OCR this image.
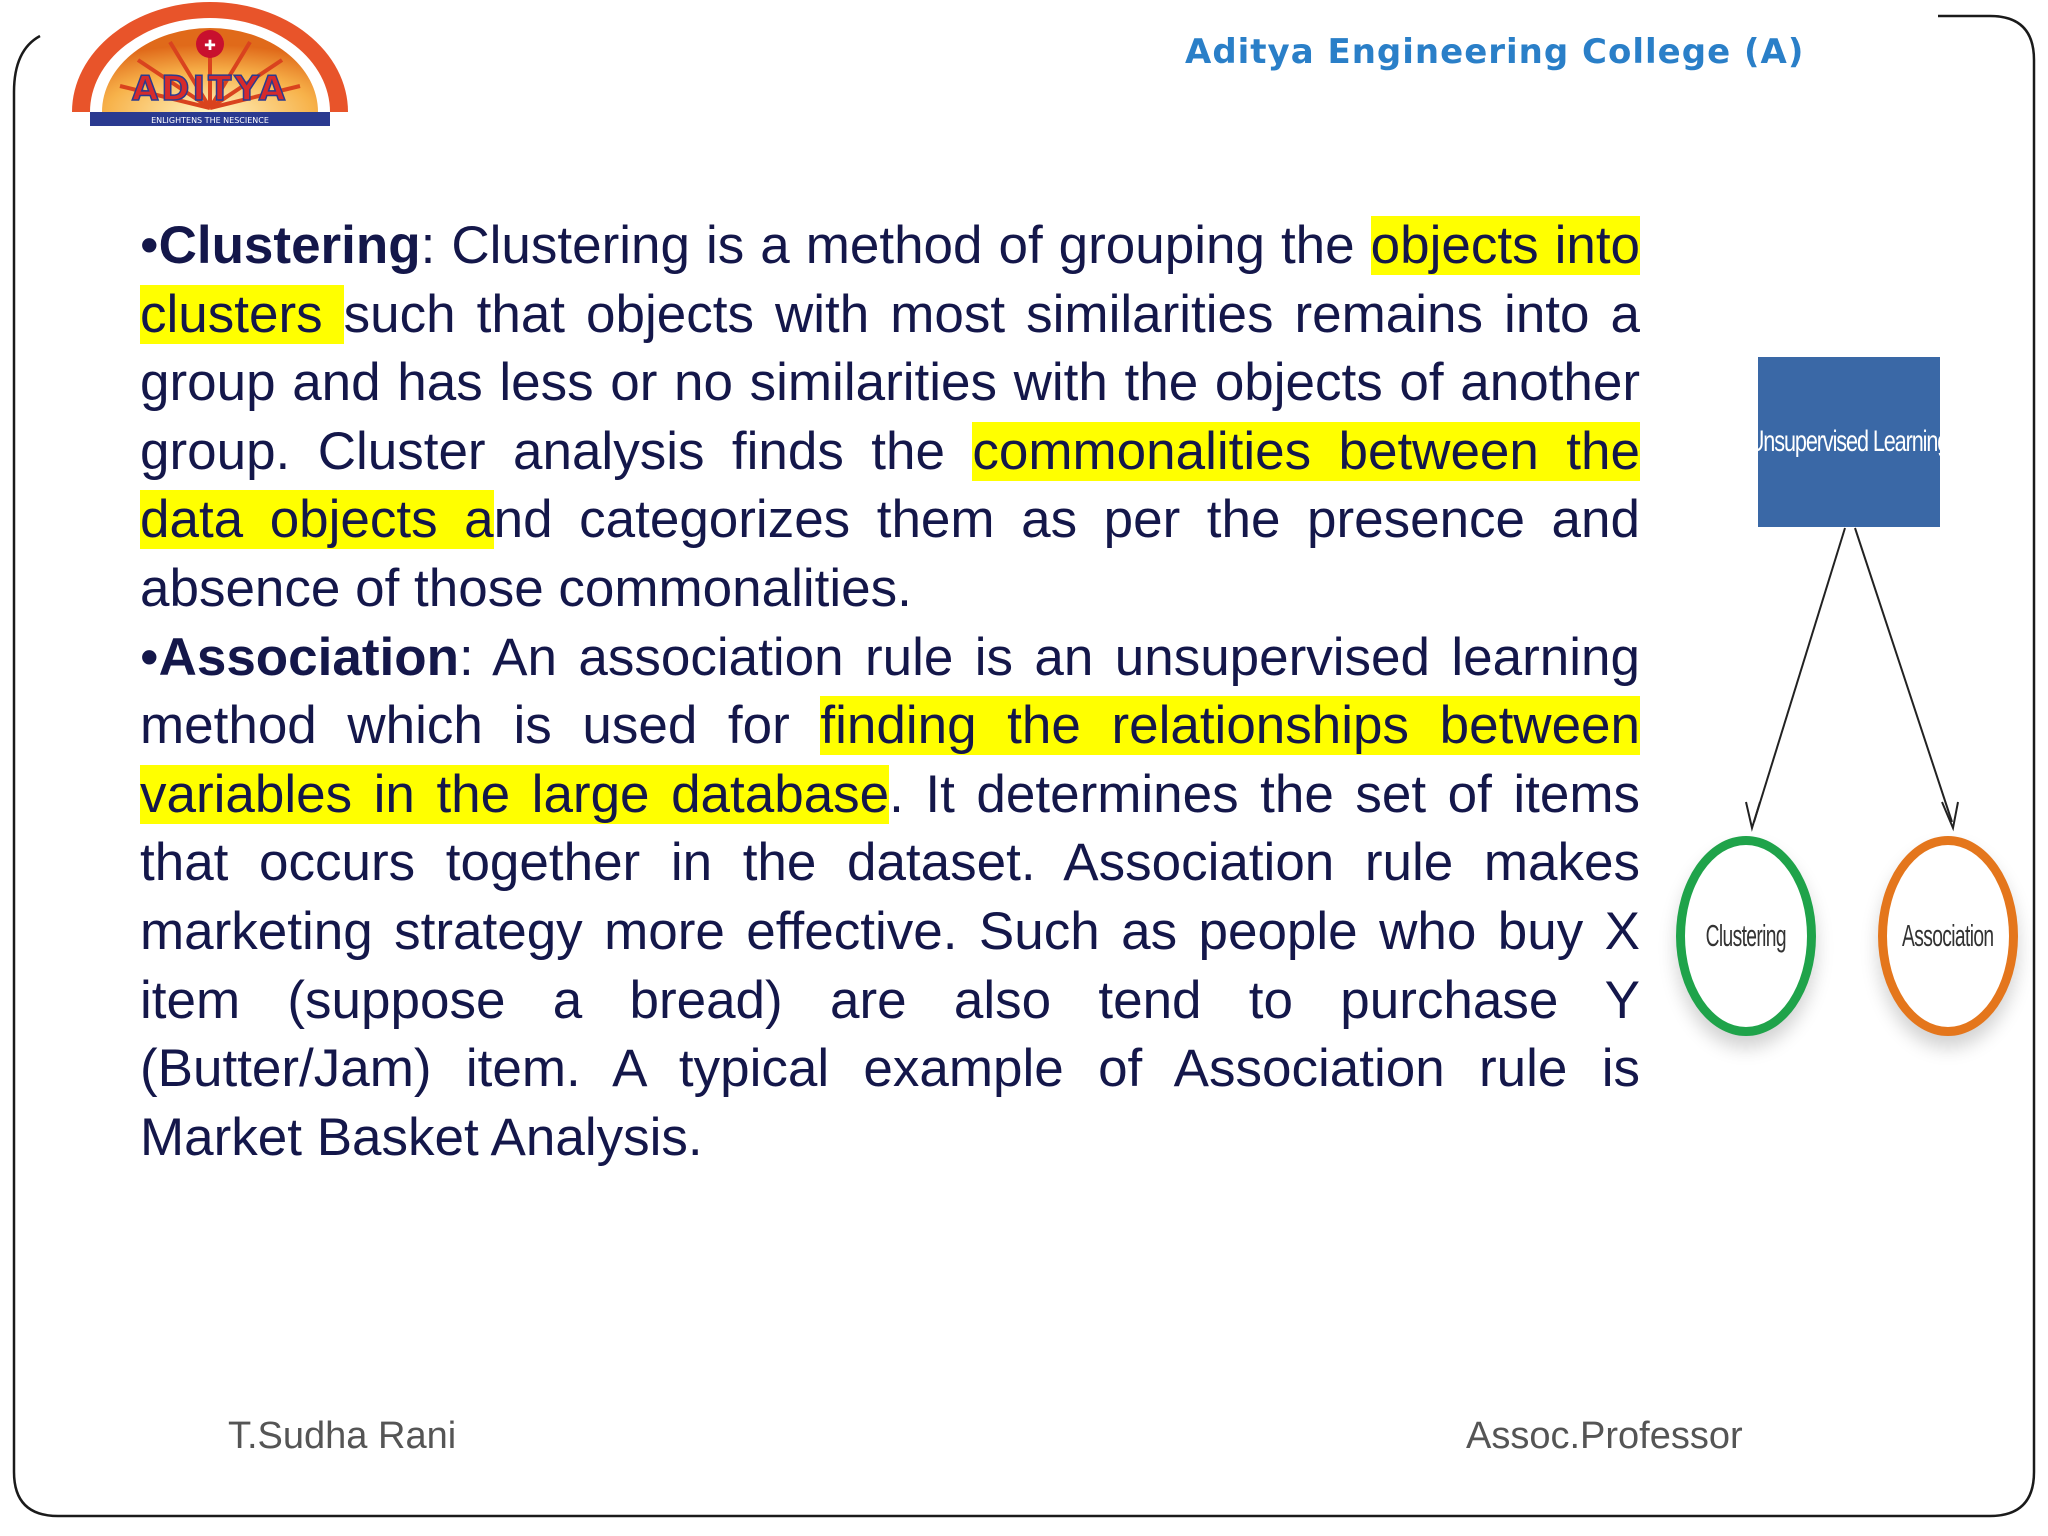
✚
ADITYA
ENLIGHTENS THE NESCIENCE
Aditya Engineering College (A)

•Clustering: Clustering is a method of grouping the objects into clusters such that objects with most similarities remains into a group and has less or no similarities with the objects of another group. Cluster analysis finds the commonalities between the data objects and categorizes them as per the presence and absence of those commonalities.

•Association: An association rule is an unsupervised learning method which is used for finding the relationships between variables in the large database. It determines the set of items that occurs together in the dataset. Association rule makes marketing strategy more effective. Such as people who buy X item (suppose a bread) are also tend to purchase Y (Butter/Jam) item. A typical example of Association rule is Market Basket Analysis.

Unsupervised Learning
Clustering	Association
T.Sudha Rani	Assoc.Professor
